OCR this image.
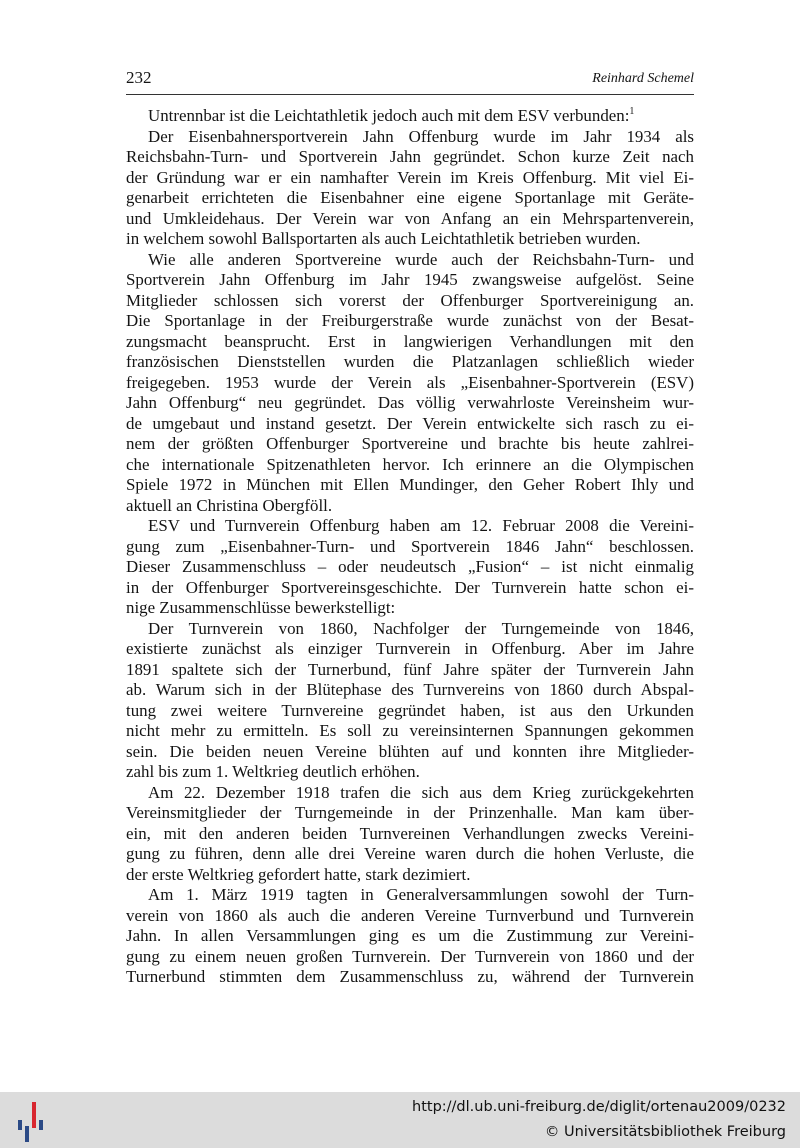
232	Reinhard Schemel
Untrennbar ist die Leichtathletik jedoch auch mit dem ESV verbunden:$^1$
Der Eisenbahnersportverein Jahn Offenburg wurde im Jahr 1934 als
Reichsbahn-Turn- und Sportverein Jahn gegründet. Schon kurze Zeit nach
der Gründung war er ein namhafter Verein im Kreis Offenburg. Mit viel Ei-
genarbeit errichteten die Eisenbahner eine eigene Sportanlage mit Geräte-
und Umkleidehaus. Der Verein war von Anfang an ein Mehrspartenverein,
in welchem sowohl Ballsportarten als auch Leichtathletik betrieben wurden.
Wie alle anderen Sportvereine wurde auch der Reichsbahn-Turn- und
Sportverein Jahn Offenburg im Jahr 1945 zwangsweise aufgelöst. Seine
Mitglieder schlossen sich vorerst der Offenburger Sportvereinigung an.
Die Sportanlage in der Freiburgerstraße wurde zunächst von der Besat-
zungsmacht beansprucht. Erst in langwierigen Verhandlungen mit den
französischen Dienststellen wurden die Platzanlagen schließlich wieder
freigegeben. 1953 wurde der Verein als „Eisenbahner-Sportverein (ESV)
Jahn Offenburg“ neu gegründet. Das völlig verwahrloste Vereinsheim wur-
de umgebaut und instand gesetzt. Der Verein entwickelte sich rasch zu ei-
nem der größten Offenburger Sportvereine und brachte bis heute zahlrei-
che internationale Spitzenathleten hervor. Ich erinnere an die Olympischen
Spiele 1972 in München mit Ellen Mundinger, den Geher Robert Ihly und
aktuell an Christina Obergföll.
ESV und Turnverein Offenburg haben am 12. Februar 2008 die Vereini-
gung zum „Eisenbahner-Turn- und Sportverein 1846 Jahn“ beschlossen.
Dieser Zusammenschluss – oder neudeutsch „Fusion“ – ist nicht einmalig
in der Offenburger Sportvereinsgeschichte. Der Turnverein hatte schon ei-
nige Zusammenschlüsse bewerkstelligt:
Der Turnverein von 1860, Nachfolger der Turngemeinde von 1846,
existierte zunächst als einziger Turnverein in Offenburg. Aber im Jahre
1891 spaltete sich der Turnerbund, fünf Jahre später der Turnverein Jahn
ab. Warum sich in der Blütephase des Turnvereins von 1860 durch Abspal-
tung zwei weitere Turnvereine gegründet haben, ist aus den Urkunden
nicht mehr zu ermitteln. Es soll zu vereinsinternen Spannungen gekommen
sein. Die beiden neuen Vereine blühten auf und konnten ihre Mitglieder-
zahl bis zum 1. Weltkrieg deutlich erhöhen.
Am 22. Dezember 1918 trafen die sich aus dem Krieg zurückgekehrten
Vereinsmitglieder der Turngemeinde in der Prinzenhalle. Man kam über-
ein, mit den anderen beiden Turnvereinen Verhandlungen zwecks Vereini-
gung zu führen, denn alle drei Vereine waren durch die hohen Verluste, die
der erste Weltkrieg gefordert hatte, stark dezimiert.
Am 1. März 1919 tagten in Generalversammlungen sowohl der Turn-
verein von 1860 als auch die anderen Vereine Turnverbund und Turnverein
Jahn. In allen Versammlungen ging es um die Zustimmung zur Vereini-
gung zu einem neuen großen Turnverein. Der Turnverein von 1860 und der
Turnerbund stimmten dem Zusammenschluss zu, während der Turnverein
http://dl.ub.uni-freiburg.de/diglit/ortenau2009/0232
© Universitätsbibliothek Freiburg
